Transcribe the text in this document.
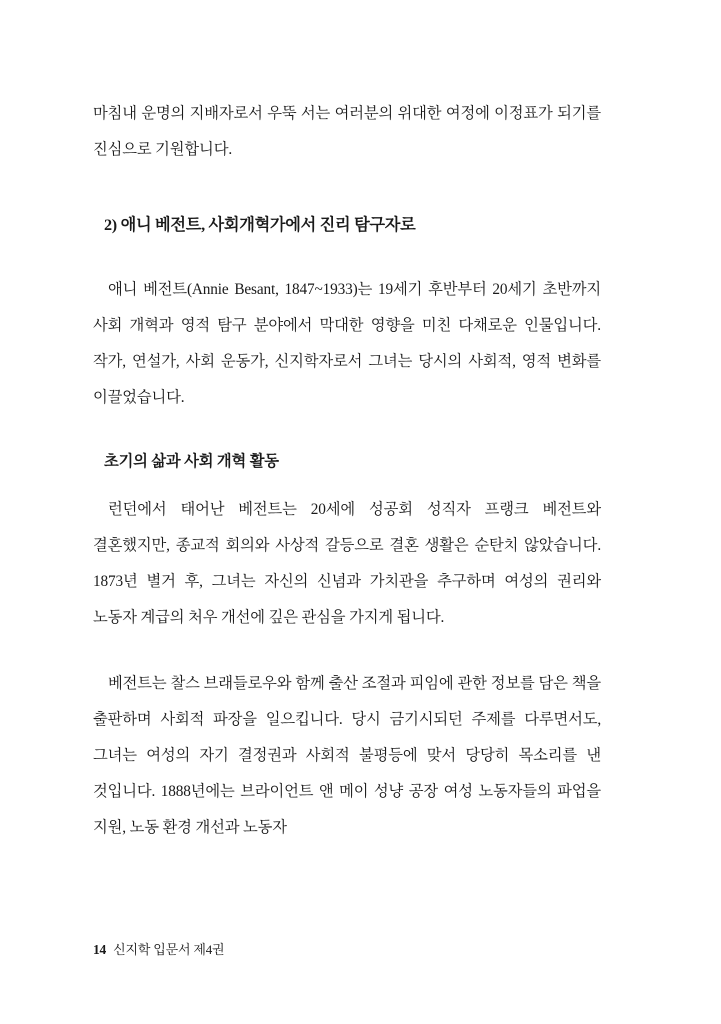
마침내 운명의 지배자로서 우뚝 서는 여러분의 위대한 여정에 이정표가 되기를 진심으로 기원합니다.

2) 애니 베전트, 사회개혁가에서 진리 탐구자로

애니 베전트(Annie Besant, 1847~1933)는 19세기 후반부터 20세기 초반까지 사회 개혁과 영적 탐구 분야에서 막대한 영향을 미친 다채로운 인물입니다. 작가, 연설가, 사회 운동가, 신지학자로서 그녀는 당시의 사회적, 영적 변화를 이끌었습니다.

초기의 삶과 사회 개혁 활동

런던에서 태어난 베전트는 20세에 성공회 성직자 프랭크 베전트와 결혼했지만, 종교적 회의와 사상적 갈등으로 결혼 생활은 순탄치 않았습니다. 1873년 별거 후, 그녀는 자신의 신념과 가치관을 추구하며 여성의 권리와 노동자 계급의 처우 개선에 깊은 관심을 가지게 됩니다.

베전트는 찰스 브래들로우와 함께 출산 조절과 피임에 관한 정보를 담은 책을 출판하며 사회적 파장을 일으킵니다. 당시 금기시되던 주제를 다루면서도, 그녀는 여성의 자기 결정권과 사회적 불평등에 맞서 당당히 목소리를 낸 것입니다. 1888년에는 브라이언트 앤 메이 성냥 공장 여성 노동자들의 파업을 지원, 노동 환경 개선과 노동자

14 신지학 입문서 제4권
